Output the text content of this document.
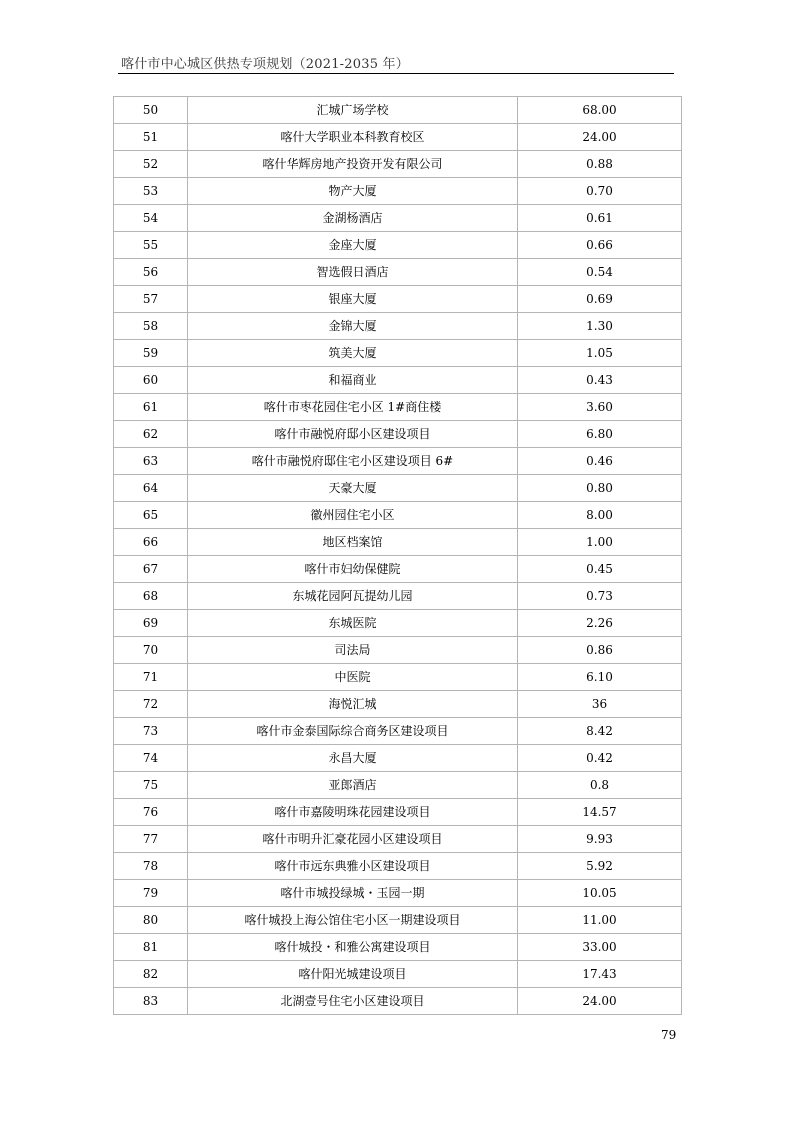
喀什市中心城区供热专项规划（2021-2035 年）
50	汇城广场学校	68.00
51	喀什大学职业本科教育校区	24.00
52	喀什华辉房地产投资开发有限公司	0.88
53	物产大厦	0.70
54	金湖杨酒店	0.61
55	金座大厦	0.66
56	智选假日酒店	0.54
57	银座大厦	0.69
58	金锦大厦	1.30
59	筑美大厦	1.05
60	和福商业	0.43
61	喀什市枣花园住宅小区 1#商住楼	3.60
62	喀什市融悦府邸小区建设项目	6.80
63	喀什市融悦府邸住宅小区建设项目 6#	0.46
64	天豪大厦	0.80
65	徽州园住宅小区	8.00
66	地区档案馆	1.00
67	喀什市妇幼保健院	0.45
68	东城花园阿瓦提幼儿园	0.73
69	东城医院	2.26
70	司法局	0.86
71	中医院	6.10
72	海悦汇城	36
73	喀什市金泰国际综合商务区建设项目	8.42
74	永昌大厦	0.42
75	亚郎酒店	0.8
76	喀什市嘉陵明珠花园建设项目	14.57
77	喀什市明升汇豪花园小区建设项目	9.93
78	喀什市远东典雅小区建设项目	5.92
79	喀什市城投绿城・玉园一期	10.05
80	喀什城投上海公馆住宅小区一期建设项目	11.00
81	喀什城投・和雅公寓建设项目	33.00
82	喀什阳光城建设项目	17.43
83	北湖壹号住宅小区建设项目	24.00
79
